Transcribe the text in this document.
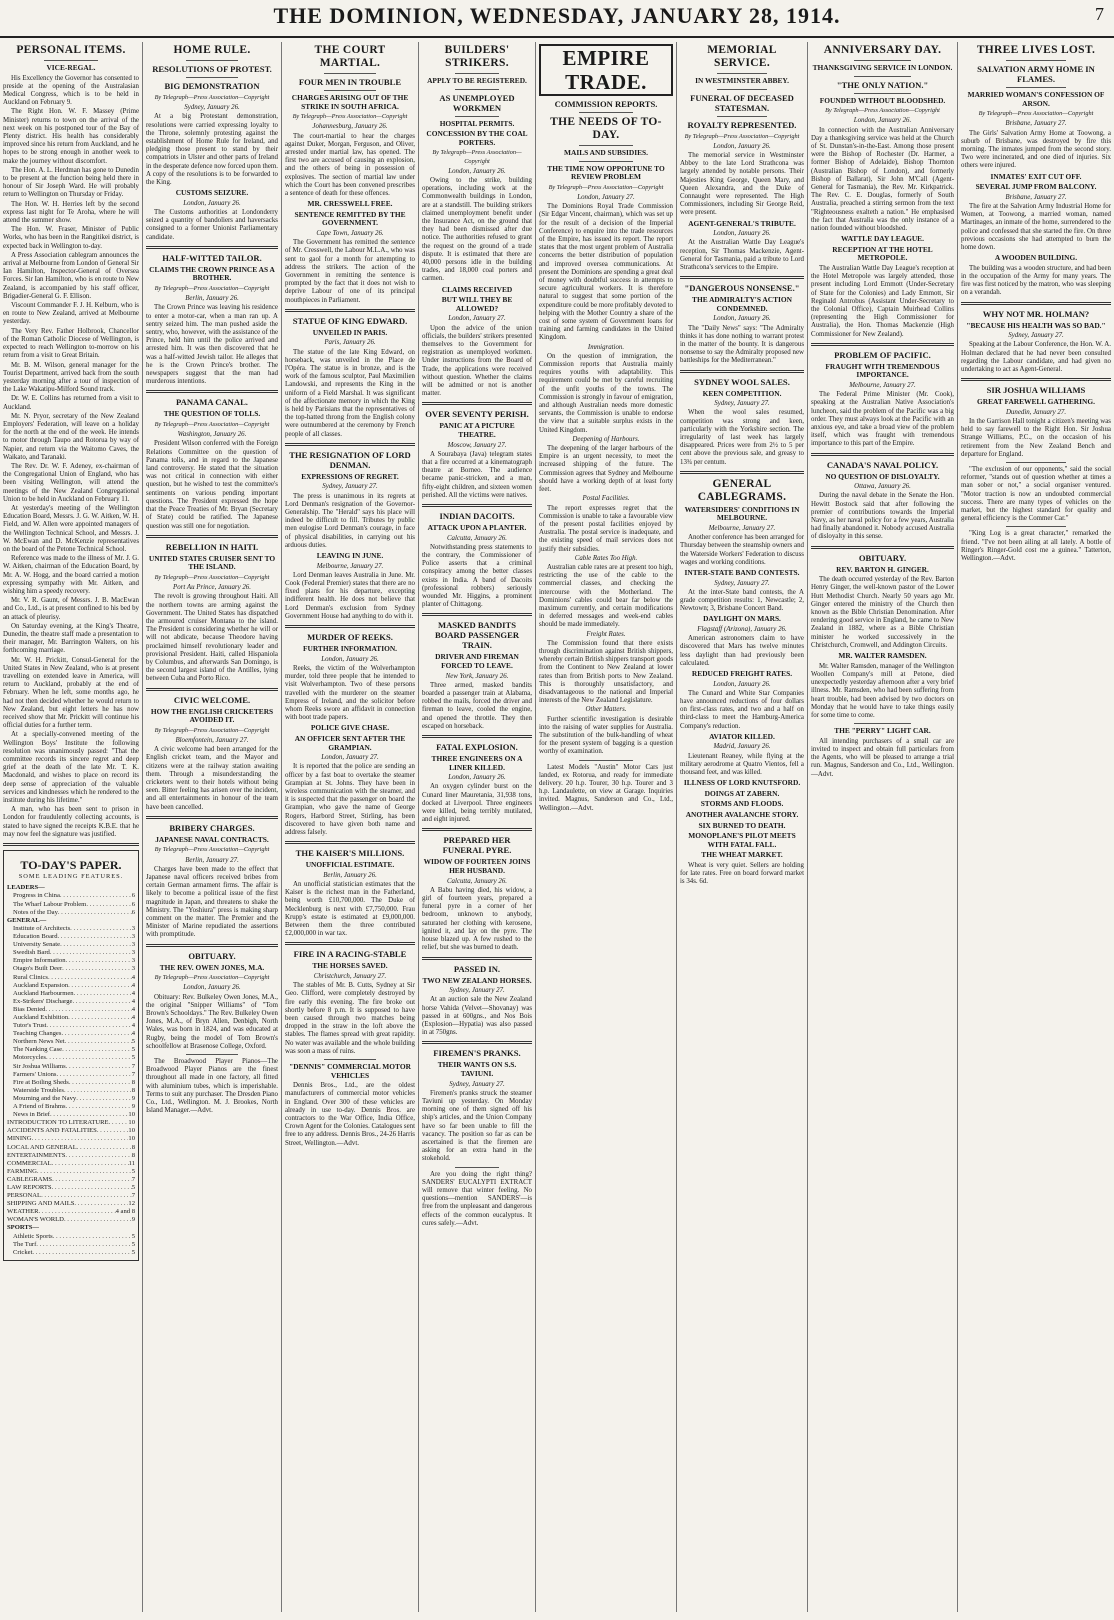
THE DOMINION, WEDNESDAY, JANUARY 28, 1914.	7
PERSONAL ITEMS.
VICE-REGAL.
His Excellency the Governor has consented to preside at the opening of the Australasian Medical Congress, which is to be held in Auckland on February 9.
The Right Hon. W. F. Massey (Prime Minister) returns to town on the arrival of the next week on his postponed tour of the Bay of Plenty district. His health has considerably improved since his return from Auckland, and he hopes to be strong enough in another week to make the journey without discomfort.
The Hon. A. L. Herdman has gone to Dunedin to be present at the function being held there in honour of Sir Joseph Ward. He will probably return to Wellington on Thursday or Friday.
The Hon. W. H. Herries left by the second express last night for Te Aroha, where he will attend the summer show.
The Hon. W. Fraser, Minister of Public Works, who has been in the Rangitikei district, is expected back in Wellington to-day.
A Press Association cablegram announces the arrival at Melbourne from London of General Sir Ian Hamilton, Inspector-General of Oversea Forces. Sir Ian Hamilton, who is en route to New Zealand, is accompanied by his staff officer, Brigadier-General G. F. Ellison.
Viscount Commander F. J. H. Kelburn, who is en route to New Zealand, arrived at Melbourne yesterday.
The Very Rev. Father Holbrook, Chancellor of the Roman Catholic Diocese of Wellington, is expected to reach Wellington to-morrow on his return from a visit to Great Britain.
Mr. B. M. Wilson, general manager for the Tourist Department, arrived back from the south yesterday morning after a tour of inspection of the Lake Wakatipu-Milford Sound track.
Dr. W. E. Collins has returned from a visit to Auckland.
Mr. N. Pryor, secretary of the New Zealand Employers' Federation, will leave on a holiday for the north at the end of the week. He intends to motor through Taupo and Rotorua by way of Napier, and return via the Waitomo Caves, the Waikato, and Taranaki.
The Rev. Dr. W. F. Adeney, ex-chairman of the Congregational Union of England, who has been visiting Wellington, will attend the meetings of the New Zealand Congregational Union to be held in Auckland on February 11.
At yesterday's meeting of the Wellington Education Board, Messrs. J. G. W. Aitken, W. H. Field, and W. Allen were appointed managers of the Wellington Technical School, and Messrs. J. W. McEwan and D. McKenzie representatives on the board of the Petone Technical School.
Reference was made to the illness of Mr. J. G. W. Aitken, chairman of the Education Board, by Mr. A. W. Hogg, and the board carried a motion expressing sympathy with Mr. Aitken, and wishing him a speedy recovery.
Mr. V. R. Gaunt, of Messrs. J. B. MacEwan and Co., Ltd., is at present confined to his bed by an attack of pleurisy.
On Saturday evening, at the King's Theatre, Dunedin, the theatre staff made a presentation to their manager, Mr. Barrington Walters, on his forthcoming marriage.
Mr. W. H. Prickitt, Consul-General for the United States in New Zealand, who is at present travelling on extended leave in America, will return to Auckland, probably at the end of February. When he left, some months ago, he had not then decided whether he would return to New Zealand, but eight letters he has now received show that Mr. Prickitt will continue his official duties for a further term.
At a specially-convened meeting of the Wellington Boys' Institute the following resolution was unanimously passed: "That the committee records its sincere regret and deep grief at the death of the late Mr. T. K. Macdonald, and wishes to place on record its deep sense of appreciation of the valuable services and kindnesses which he rendered to the institute during his lifetime."
A man, who has been sent to prison in London for fraudulently collecting accounts, is stated to have signed the receipts K.B.E. that he may now feel the signature was justified.
TO-DAY'S PAPER.
SOME LEADING FEATURES.
LEADERS—
Progress in China . . .	6
The Wharf Labour Problem . . .	6
Notes of the Day . . .	6
GENERAL—
Institute of Architects . . .	3
Education Board . . .	3
University Senate . . .	3
Swedish Bard . . .	3
Empire Information . . .	3
Otago's Built Deer . . .	3
Rural Clinics . . .	4
Auckland Expansion . . .	4
Auckland Harbourmen . . .	4
Ex-Strikers' Discharge . . .	4
Bias Denied . . .	4
Auckland Exhibition . . .	4
Tutor's Trust . . .	4
Teaching Changes . . .	4
Northern News Net . . .	5
The Nanking Case . . .	5
Motorcycles . . .	5
Sir Joshua Williams . . .	7
Farmers' Unions . . .	7
Fire at Boiling Sheds . . .	8
Waterside Troubles . . .	8
Mourning and the Navy . . .	9
A Friend of Brahms . . .	9
News in Brief . . .	10
INTRODUCTION TO LITERATURE . . .	10
ACCIDENTS AND FATALITIES . . .	10
MINING . . .	10
LOCAL AND GENERAL . . .	8
ENTERTAINMENTS . . .	8
COMMERCIAL . . .	11
FARMING . . .	5
CABLEGRAMS . . .	7
LAW REPORTS . . .	5
PERSONAL . . .	7
SHIPPING AND MAILS . . .	12
WEATHER . . .	4 and 8
WOMAN'S WORLD . . .	9
SPORTS—
Athletic Sports . . .	5
The Turf . . .	5
Cricket . . .	5
HOME RULE.
RESOLUTIONS OF PROTEST.
BIG DEMONSTRATION
By Telegraph—Press Association—Copyright
Sydney, January 26.
At a big Protestant demonstration, resolutions were carried expressing loyalty to the Throne, solemnly protesting against the establishment of Home Rule for Ireland, and pledging those present to stand by their compatriots in Ulster and other parts of Ireland in the desperate defence now forced upon them. A copy of the resolutions is to be forwarded to the King.
CUSTOMS SEIZURE.
London, January 26.
The Customs authorities at Londonderry seized a quantity of bandoliers and haversacks consigned to a former Unionist Parliamentary candidate.
HALF-WITTED TAILOR.
CLAIMS THE CROWN PRINCE AS A BROTHER.
By Telegraph—Press Association—Copyright
Berlin, January 26.
The Crown Prince was leaving his residence to enter a motor-car, when a man ran up. A sentry seized him. The man pushed aside the sentry, who, however, with the assistance of the Prince, held him until the police arrived and arrested him. It was then discovered that he was a half-witted Jewish tailor. He alleges that he is the Crown Prince's brother. The newspapers suggest that the man had murderous intentions.
PANAMA CANAL.
THE QUESTION OF TOLLS.
By Telegraph—Press Association—Copyright
Washington, January 26.
President Wilson conferred with the Foreign Relations Committee on the question of Panama tolls, and in regard to the Japanese land controversy. He stated that the situation was not critical in connection with either question, but he wished to test the committee's sentiments on various pending important questions. The President expressed the hope that the Peace Treaties of Mr. Bryan (Secretary of State) could be ratified. The Japanese question was still one for negotiation.
REBELLION IN HAITI.
UNITED STATES CRUISER SENT TO THE ISLAND.
By Telegraph—Press Association—Copyright
Port Au Prince, January 26.
The revolt is growing throughout Haiti. All the northern towns are arming against the Government. The United States has dispatched the armoured cruiser Montana to the island. The President is considering whether he will or will not abdicate, because Theodore having proclaimed himself revolutionary leader and provisional President. Haiti, called Hispaniola by Columbus, and afterwards San Domingo, is the second largest island of the Antilles, lying between Cuba and Porto Rico.
CIVIC WELCOME.
HOW THE ENGLISH CRICKETERS AVOIDED IT.
By Telegraph—Press Association—Copyright
Bloemfontein, January 27.
A civic welcome had been arranged for the English cricket team, and the Mayor and citizens were at the railway station awaiting them. Through a misunderstanding the cricketers went to their hotels without being seen. Bitter feeling has arisen over the incident, and all entertainments in honour of the team have been cancelled.
BRIBERY CHARGES.
JAPANESE NAVAL CONTRACTS.
By Telegraph—Press Association—Copyright
Berlin, January 27.
Charges have been made to the effect that Japanese naval officers received bribes from certain German armament firms. The affair is likely to become a political issue of the first magnitude in Japan, and threatens to shake the Ministry. The "Yoshiura" press is making sharp comment on the matter. The Premier and the Minister of Marine repudiated the assertions with promptitude.
OBITUARY.
THE REV. OWEN JONES, M.A.
By Telegraph—Press Association—Copyright
London, January 26.
Obituary: Rev. Bulkeley Owen Jones, M.A., the original "Snipper Williams" of "Tom Brown's Schooldays." The Rev. Bulkeley Owen Jones, M.A., of Bryn Allen, Denbigh, North Wales, was born in 1824, and was educated at Rugby, being the model of Tom Brown's schoolfellow at Brasenose College, Oxford.
The Broadwood Player Pianos—The Broadwood Player Pianos are the finest throughout all made in one factory, all fitted with aluminium tubes, which is imperishable. Terms to suit any purchaser. The Dresden Piano Co., Ltd., Wellington. M. J. Brookes, North Island Manager.—Advt.
THE COURT MARTIAL.
FOUR MEN IN TROUBLE
CHARGES ARISING OUT OF THE STRIKE IN SOUTH AFRICA.
By Telegraph—Press Association—Copyright
Johannesburg, January 26.
The court-martial to hear the charges against Duker, Morgan, Ferguson, and Oliver, arrested under martial law, has opened. The first two are accused of causing an explosion, and the others of being in possession of explosives. The section of martial law under which the Court has been convened prescribes a sentence of death for these offences.
MR. CRESSWELL FREE.
SENTENCE REMITTED BY THE GOVERNMENT.
Cape Town, January 26.
The Government has remitted the sentence of Mr. Cresswell, the Labour M.L.A., who was sent to gaol for a month for attempting to address the strikers. The action of the Government in remitting the sentence is prompted by the fact that it does not wish to deprive Labour of one of its principal mouthpieces in Parliament.
STATUE OF KING EDWARD.
UNVEILED IN PARIS.
Paris, January 26.
The statue of the late King Edward, on horseback, was unveiled in the Place de l'Opéra. The statue is in bronze, and is the work of the famous sculptor, Paul Maximilien Landowski, and represents the King in the uniform of a Field Marshal. It was significant of the affectionate memory in which the King is held by Parisians that the representatives of the top-hatted throng from the English colony were outnumbered at the ceremony by French people of all classes.
THE RESIGNATION OF LORD DENMAN.
EXPRESSIONS OF REGRET.
Sydney, January 27.
The press is unanimous in its regrets at Lord Denman's resignation of the Governor-Generalship. The "Herald" says his place will indeed be difficult to fill. Tributes by public men eulogise Lord Denman's courage, in face of physical disabilities, in carrying out his arduous duties.
LEAVING IN JUNE.
Melbourne, January 27.
Lord Denman leaves Australia in June. Mr. Cook (Federal Premier) states that there are no fixed plans for his departure, excepting indifferent health. He does not believe that Lord Denman's exclusion from Sydney Government House had anything to do with it.
MURDER OF REEKS.
FURTHER INFORMATION.
London, January 26.
Reeks, the victim of the Wolverhampton murder, told three people that he intended to visit Wolverhampton. Two of these persons travelled with the murderer on the steamer Empress of Ireland, and the solicitor before whom Reeks swore an affidavit in connection with boot trade papers.
POLICE GIVE CHASE.
AN OFFICER SENT AFTER THE GRAMPIAN.
London, January 27.
It is reported that the police are sending an officer by a fast boat to overtake the steamer Grampian at St. Johns. They have been in wireless communication with the steamer, and it is suspected that the passenger on board the Grampian, who gave the name of George Rogers, Harbord Street, Stirling, has been discovered to have given both name and address falsely.
THE KAISER'S MILLIONS.
UNOFFICIAL ESTIMATE.
Berlin, January 26.
An unofficial statistician estimates that the Kaiser is the richest man in the Fatherland, being worth £10,700,000. The Duke of Mecklenburg is next with £7,750,000. Frau Krupp's estate is estimated at £9,000,000. Between them the three contributed £2,000,000 in war tax.
FIRE IN A RACING-STABLE
THE HORSES SAVED.
Christchurch, January 27.
The stables of Mr. B. Cutts, Sydney at Sir Geo. Clifford, were completely destroyed by fire early this evening. The fire broke out shortly before 8 p.m. It is supposed to have been caused through two matches being dropped in the straw in the loft above the stables. The flames spread with great rapidity. No water was available and the whole building was soon a mass of ruins.
"DENNIS" COMMERCIAL MOTOR VEHICLES
Dennis Bros., Ltd., are the oldest manufacturers of commercial motor vehicles in England. Over 300 of these vehicles are already in use to-day. Dennis Bros. are contractors to the War Office, India Office, Crown Agent for the Colonies. Catalogues sent free to any address. Dennis Bros., 24-26 Harris Street, Wellington.—Advt.
BUILDERS' STRIKERS.
APPLY TO BE REGISTERED.
AS UNEMPLOYED WORKMEN
HOSPITAL PERMITS.
CONCESSION BY THE COAL PORTERS.
By Telegraph—Press Association—Copyright
London, January 26.
Owing to the strike, building operations, including work at the Commonwealth buildings in London, are at a standstill. The building strikers claimed unemployment benefit under the Insurance Act, on the ground that they had been dismissed after due notice. The authorities refused to grant the request on the ground of a trade dispute. It is estimated that there are 40,000 persons idle in the building trades, and 18,000 coal porters and carmen.
CLAIMS RECEIVED
BUT WILL THEY BE ALLOWED?
London, January 27.
Upon the advice of the union officials, the builders' strikers presented themselves to the Government for registration as unemployed workmen. Under instructions from the Board of Trade, the applications were received without question. Whether the claims will be admitted or not is another matter.
OVER SEVENTY PERISH.
PANIC AT A PICTURE THEATRE.
Moscow, January 27.
A Sourabaya (Java) telegram states that a fire occurred at a kinematograph theatre at Borneo. The audience became panic-stricken, and a man, fifty-eight children, and sixteen women perished. All the victims were natives.
INDIAN DACOITS.
ATTACK UPON A PLANTER.
Calcutta, January 26.
Notwithstanding press statements to the contrary, the Commissioner of Police asserts that a criminal conspiracy among the better classes exists in India. A band of Dacoits (professional robbers) seriously wounded Mr. Higgins, a prominent planter of Chittagong.
MASKED BANDITS BOARD PASSENGER TRAIN.
DRIVER AND FIREMAN FORCED TO LEAVE.
New York, January 26.
Three armed, masked bandits boarded a passenger train at Alabama, robbed the mails, forced the driver and fireman to leave, cooled the engine, and opened the throttle. They then escaped on horseback.
FATAL EXPLOSION.
THREE ENGINEERS ON A LINER KILLED.
London, January 26.
An oxygen cylinder burst on the Cunard liner Mauretania, 31,938 tons, docked at Liverpool. Three engineers were killed, being terribly mutilated, and eight injured.
PREPARED HER FUNERAL PYRE.
WIDOW OF FOURTEEN JOINS HER HUSBAND.
Calcutta, January 26.
A Babu having died, his widow, a girl of fourteen years, prepared a funeral pyre in a corner of her bedroom, unknown to anybody, saturated her clothing with kerosene, ignited it, and lay on the pyre. The house blazed up. A few rushed to the relief, but she was burned to death.
PASSED IN.
TWO NEW ZEALAND HORSES.
Sydney, January 27.
At an auction sale the New Zealand horse Vahida (Velvet—Shovanay) was passed in at 600gns., and Nos Bois (Explosion—Hypatia) was also passed in at 750gns.
FIREMEN'S PRANKS.
THEIR WANTS ON S.S. TAVIUNI.
Sydney, January 27.
Firemen's pranks struck the steamer Taviuni up yesterday. On Monday morning one of them signed off his ship's articles, and the Union Company have so far been unable to fill the vacancy. The position so far as can be ascertained is that the firemen are asking for an extra hand in the stokehold.
Are you doing the right thing? SANDERS' EUCALYPTI EXTRACT will remove that winter feeling. No questions—mention SANDERS'—is free from the unpleasant and dangerous effects of the common eucalyptus. It cures safely.—Advt.
EMPIRE TRADE.
COMMISSION REPORTS.
THE NEEDS OF TO-DAY.
MAILS AND SUBSIDIES.
THE TIME NOW OPPORTUNE TO REVIEW PROBLEM
By Telegraph—Press Association—Copyright
London, January 27.
The Dominions Royal Trade Commission (Sir Edgar Vincent, chairman), which was set up for the result of a decision of the Imperial Conference) to enquire into the trade resources of the Empire, has issued its report. The report states that the most urgent problem of Australia concerns the better distribution of population and improved oversea communications. At present the Dominions are spending a great deal of money with doubtful success in attempts to secure agricultural workers. It is therefore natural to suggest that some portion of the expenditure could be more profitably devoted to helping with the Mother Country a share of the cost of some system of Government loans for training and farming candidates in the United Kingdom.
Immigration.
On the question of immigration, the Commission reports that Australia mainly requires youths with adaptability. This requirement could be met by careful recruiting of the unfit youths of the towns. The Commission is strongly in favour of emigration, and although Australian needs more domestic servants, the Commission is unable to endorse the view that a suitable surplus exists in the United Kingdom.
Deepening of Harbours.
The deepening of the larger harbours of the Empire is an urgent necessity, to meet the increased shipping of the future. The Commission agrees that Sydney and Melbourne should have a working depth of at least forty feet.
Postal Facilities.
The report expresses regret that the Commission is unable to take a favourable view of the present postal facilities enjoyed by Australia. The postal service is inadequate, and the existing speed of mail services does not justify their subsidies.
Cable Rates Too High.
Australian cable rates are at present too high, restricting the use of the cable to the commercial classes, and checking the intercourse with the Motherland. The Dominions' cables could bear far below the maximum currently, and certain modifications in deferred messages and week-end cables should be made immediately.
Freight Rates.
The Commission found that there exists through discrimination against British shippers, whereby certain British shippers transport goods from the Continent to New Zealand at lower rates than from British ports to New Zealand. This is thoroughly unsatisfactory, and disadvantageous to the national and Imperial interests of the New Zealand Legislature.
Other Matters.
Further scientific investigation is desirable into the raising of water supplies for Australia. The substitution of the bulk-handling of wheat for the present system of bagging is a question worthy of examination.
Latest Models "Austin" Motor Cars just landed, ex Rotorua, and ready for immediate delivery. 20 h.p. Tourer, 30 h.p. Tourer and 3 h.p. Landaulette, on view at Garage. Inquiries invited. Magnus, Sanderson and Co., Ltd., Wellington.—Advt.
MEMORIAL SERVICE.
IN WESTMINSTER ABBEY.
FUNERAL OF DECEASED STATESMAN.
ROYALTY REPRESENTED.
By Telegraph—Press Association—Copyright
London, January 26.
The memorial service in Westminster Abbey to the late Lord Strathcona was largely attended by notable persons. Their Majesties King George, Queen Mary, and Queen Alexandra, and the Duke of Connaught were represented. The High Commissioners, including Sir George Reid, were present.
AGENT-GENERAL'S TRIBUTE.
London, January 26.
At the Australian Wattle Day League's reception, Sir Thomas Mackenzie, Agent-General for Tasmania, paid a tribute to Lord Strathcona's services to the Empire.
"DANGEROUS NONSENSE."
THE ADMIRALTY'S ACTION CONDEMNED.
London, January 26.
The "Daily News" says: "The Admiralty thinks it has done nothing to warrant protest in the matter of the bounty. It is dangerous nonsense to say the Admiralty proposed new battleships for the Mediterranean."
SYDNEY WOOL SALES.
KEEN COMPETITION.
Sydney, January 27.
When the wool sales resumed, competition was strong and keen, particularly with the Yorkshire section. The irregularity of last week has largely disappeared. Prices were from 2½ to 5 per cent above the previous sale, and greasy to 13¾ per centum.
GENERAL CABLEGRAMS.
WATERSIDERS' CONDITIONS IN MELBOURNE.
Melbourne, January 27.
Another conference has been arranged for Thursday between the steamship owners and the Waterside Workers' Federation to discuss wages and working conditions.
INTER-STATE BAND CONTESTS.
Sydney, January 27.
At the inter-State band contests, the A grade competition results: 1, Newcastle; 2, Newtown; 3, Brisbane Concert Band.
DAYLIGHT ON MARS.
Flagstaff (Arizona), January 26.
American astronomers claim to have discovered that Mars has twelve minutes less daylight than had previously been calculated.
REDUCED FREIGHT RATES.
London, January 26.
The Cunard and White Star Companies have announced reductions of four dollars on first-class rates, and two and a half on third-class to meet the Hamburg-America Company's reduction.
AVIATOR KILLED.
Madrid, January 26.
Lieutenant Reaney, while flying at the military aerodrome at Quatro Vientos, fell a thousand feet, and was killed.
ILLNESS OF LORD KNUTSFORD.
DOINGS AT ZABERN.
STORMS AND FLOODS.
ANOTHER AVALANCHE STORY.
SIX BURNED TO DEATH.
MONOPLANE'S PILOT MEETS WITH FATAL FALL.
THE WHEAT MARKET.
Wheat is very quiet. Sellers are holding for late rates. Free on board forward market is 34s. 6d.
ANNIVERSARY DAY.
THANKSGIVING SERVICE IN LONDON.
"THE ONLY NATION."
FOUNDED WITHOUT BLOODSHED.
By Telegraph—Press Association—Copyright
London, January 26.
In connection with the Australian Anniversary Day a thanksgiving service was held at the Church of St. Dunstan's-in-the-East. Among those present were the Bishop of Rochester (Dr. Harmer, a former Bishop of Adelaide), Bishop Thornton (Australian Bishop of London), and formerly Bishop of Ballarat), Sir John M'Call (Agent-General for Tasmania), the Rev. Mr. Kirkpatrick. The Rev. C. E. Douglas, formerly of South Australia, preached a stirring sermon from the text "Righteousness exalteth a nation." He emphasised the fact that Australia was the only instance of a nation founded without bloodshed.
WATTLE DAY LEAGUE.
RECEPTION AT THE HOTEL METROPOLE.
The Australian Wattle Day League's reception at the Hotel Metropole was largely attended, those present including Lord Emmott (Under-Secretary of State for the Colonies) and Lady Emmott, Sir Reginald Antrobus (Assistant Under-Secretary to the Colonial Office), Captain Muirhead Collins (representing the High Commissioner for Australia), the Hon. Thomas Mackenzie (High Commissioner for New Zealand).
PROBLEM OF PACIFIC.
FRAUGHT WITH TREMENDOUS IMPORTANCE.
Melbourne, January 27.
The Federal Prime Minister (Mr. Cook), speaking at the Australian Native Association's luncheon, said the problem of the Pacific was a big order. They must always look at the Pacific with an anxious eye, and take a broad view of the problem itself, which was fraught with tremendous importance to this part of the Empire.
CANADA'S NAVAL POLICY.
NO QUESTION OF DISLOYALTY.
Ottawa, January 26.
During the naval debate in the Senate the Hon. Hewitt Bostock said that after following the premier of contributions towards the Imperial Navy, as her naval policy for a few years, Australia had finally abandoned it. Nobody accused Australia of disloyalty in this sense.
OBITUARY.
REV. BARTON H. GINGER.
The death occurred yesterday of the Rev. Barton Henry Ginger, the well-known pastor of the Lower Hutt Methodist Church. Nearly 50 years ago Mr. Ginger entered the ministry of the Church then known as the Bible Christian Denomination. After rendering good service in England, he came to New Zealand in 1882, where as a Bible Christian minister he worked successively in the Christchurch, Cromwell, and Addington Circuits.
MR. WALTER RAMSDEN.
Mr. Walter Ramsden, manager of the Wellington Woollen Company's mill at Petone, died unexpectedly yesterday afternoon after a very brief illness. Mr. Ramsden, who had been suffering from heart trouble, had been advised by two doctors on Monday that he would have to take things easily for some time to come.
THE "PERRY" LIGHT CAR.
All intending purchasers of a small car are invited to inspect and obtain full particulars from the Agents, who will be pleased to arrange a trial run. Magnus, Sanderson and Co., Ltd., Wellington.—Advt.
THREE LIVES LOST.
SALVATION ARMY HOME IN FLAMES.
MARRIED WOMAN'S CONFESSION OF ARSON.
By Telegraph—Press Association—Copyright
Brisbane, January 27.
The Girls' Salvation Army Home at Toowong, a suburb of Brisbane, was destroyed by fire this morning. The inmates jumped from the second story. Two were incinerated, and one died of injuries. Six others were injured.
INMATES' EXIT CUT OFF.
SEVERAL JUMP FROM BALCONY.
Brisbane, January 27.
The fire at the Salvation Army Industrial Home for Women, at Toowong, a married woman, named Martinages, an inmate of the home, surrendered to the police and confessed that she started the fire. On three previous occasions she had attempted to burn the home down.
A WOODEN BUILDING.
The building was a wooden structure, and had been in the occupation of the Army for many years. The fire was first noticed by the matron, who was sleeping on a verandah.
WHY NOT MR. HOLMAN?
"BECAUSE HIS HEALTH WAS SO BAD."
Sydney, January 27.
Speaking at the Labour Conference, the Hon. W. A. Holman declared that he had never been consulted regarding the Labour candidate, and had given no undertaking to act as Agent-General.
SIR JOSHUA WILLIAMS
GREAT FAREWELL GATHERING.
Dunedin, January 27.
In the Garrison Hall tonight a citizen's meeting was held to say farewell to the Right Hon. Sir Joshua Strange Williams, P.C., on the occasion of his retirement from the New Zealand Bench and departure for England.
"The exclusion of our opponents," said the social reformer, "stands out of question whether at times a man sober or not," a social organiser ventured. "Motor traction is now an undoubted commercial success. There are many types of vehicles on the market, but the highest standard for quality and general efficiency is the Commer Car."
"King Log is a great character," remarked the friend. "I've not been ailing at all lately. A bottle of Ringer's Ringer-Gold cost me a guinea." Tatterton, Wellington.—Advt.
